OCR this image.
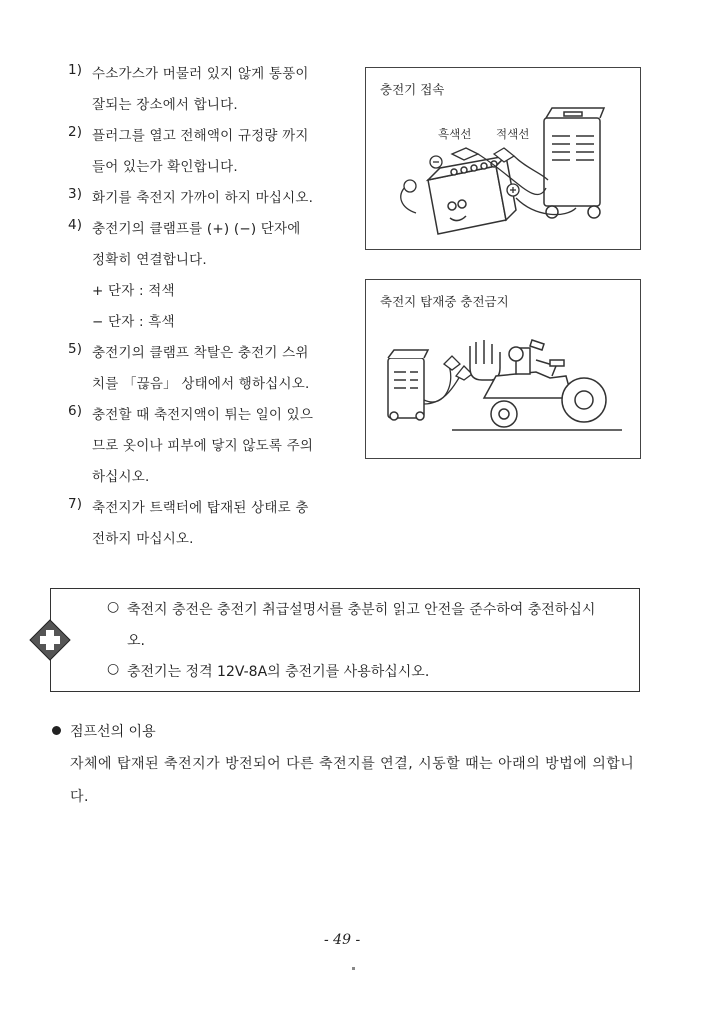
1) 수소가스가 머물러 있지 않게 통풍이
잘되는 장소에서 합니다.
2) 플러그를 열고 전해액이 규정량 까지
들어 있는가 확인합니다.
3) 화기를 축전지 가까이 하지 마십시오.
4) 충전기의 클램프를 (+) (−) 단자에
정확히 연결합니다.
+ 단자 : 적색
− 단자 : 흑색
5) 충전기의 클램프 착탈은 충전기 스위
치를 「끊음」 상태에서 행하십시오.
6) 충전할 때 축전지액이 튀는 일이 있으
므로 옷이나 피부에 닿지 않도록 주의
하십시오.
7) 축전지가 트랙터에 탑재된 상태로 충
전하지 마십시오.
충전기 접속
흑색선 적색선
축전지 탑재중 충전금지
○ 축전지 충전은 충전기 취급설명서를 충분히 읽고 안전을 준수하여 충전하십시
오.
○ 충전기는 정격 12V-8A의 충전기를 사용하십시오.
점프선의 이용
자체에 탑재된 축전지가 방전되어 다른 축전지를 연결, 시동할 때는 아래의 방법에 의합니
다.
- 49 -
